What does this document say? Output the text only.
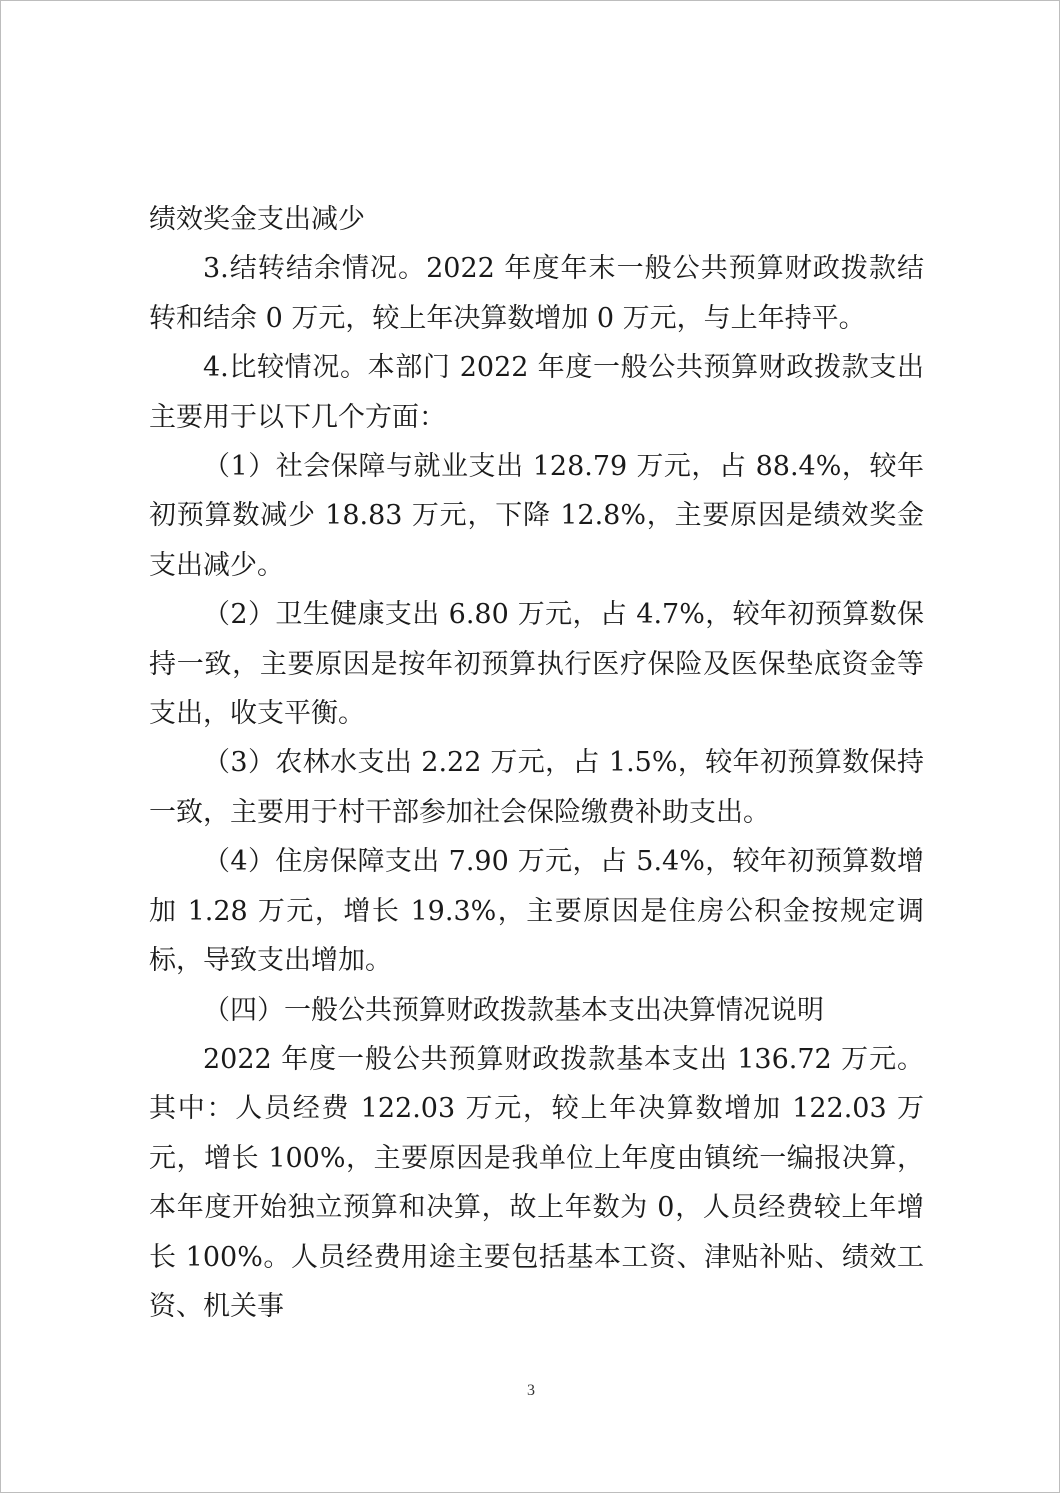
绩效奖金支出减少

3.结转结余情况。2022 年度年末一般公共预算财政拨款结转和结余 0 万元，较上年决算数增加 0 万元，与上年持平。

4.比较情况。本部门 2022 年度一般公共预算财政拨款支出主要用于以下几个方面：

（1）社会保障与就业支出 128.79 万元，占 88.4%，较年初预算数减少 18.83 万元，下降 12.8%，主要原因是绩效奖金支出减少。

（2）卫生健康支出 6.80 万元，占 4.7%，较年初预算数保持一致，主要原因是按年初预算执行医疗保险及医保垫底资金等支出，收支平衡。

（3）农林水支出 2.22 万元，占 1.5%，较年初预算数保持一致，主要用于村干部参加社会保险缴费补助支出。

（4）住房保障支出 7.90 万元，占 5.4%，较年初预算数增加 1.28 万元，增长 19.3%，主要原因是住房公积金按规定调标，导致支出增加。

（四）一般公共预算财政拨款基本支出决算情况说明

2022 年度一般公共预算财政拨款基本支出 136.72 万元。其中：人员经费 122.03 万元，较上年决算数增加 122.03 万元，增长 100%，主要原因是我单位上年度由镇统一编报决算，本年度开始独立预算和决算，故上年数为 0，人员经费较上年增长 100%。人员经费用途主要包括基本工资、津贴补贴、绩效工资、机关事

3
